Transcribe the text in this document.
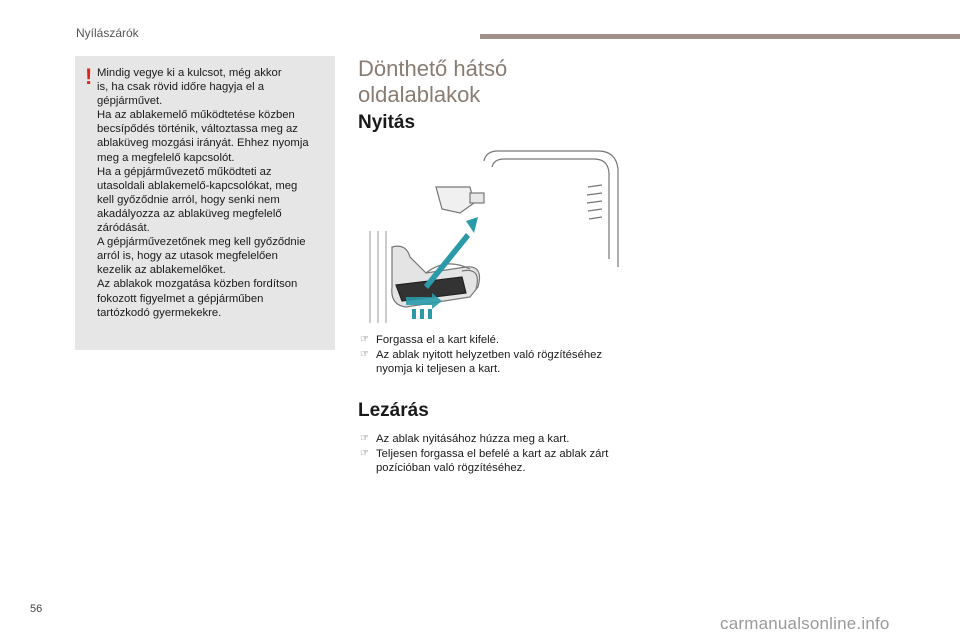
Nyílászárók
! Mindig vegye ki a kulcsot, még akkor
is, ha csak rövid időre hagyja el a
gépjárművet.
Ha az ablakemelő működtetése közben
becsípődés történik, változtassa meg az
ablaküveg mozgási irányát. Ehhez nyomja
meg a megfelelő kapcsolót.
Ha a gépjárművezető működteti az
utasoldali ablakemelő-kapcsolókat, meg
kell győződnie arról, hogy senki nem
akadályozza az ablaküveg megfelelő
záródását.
A gépjárművezetőnek meg kell győződnie
arról is, hogy az utasok megfelelően
kezelik az ablakemelőket.
Az ablakok mozgatása közben fordítson
fokozott figyelmet a gépjárműben
tartózkodó gyermekekre.
Dönthető hátsó
oldalablakok
Nyitás
☞ Forgassa el a kart kifelé.
☞ Az ablak nyitott helyzetben való rögzítéséhez nyomja ki teljesen a kart.
Lezárás
☞ Az ablak nyitásához húzza meg a kart.
☞ Teljesen forgassa el befelé a kart az ablak zárt pozícióban való rögzítéséhez.
56
carmanualsonline.info
